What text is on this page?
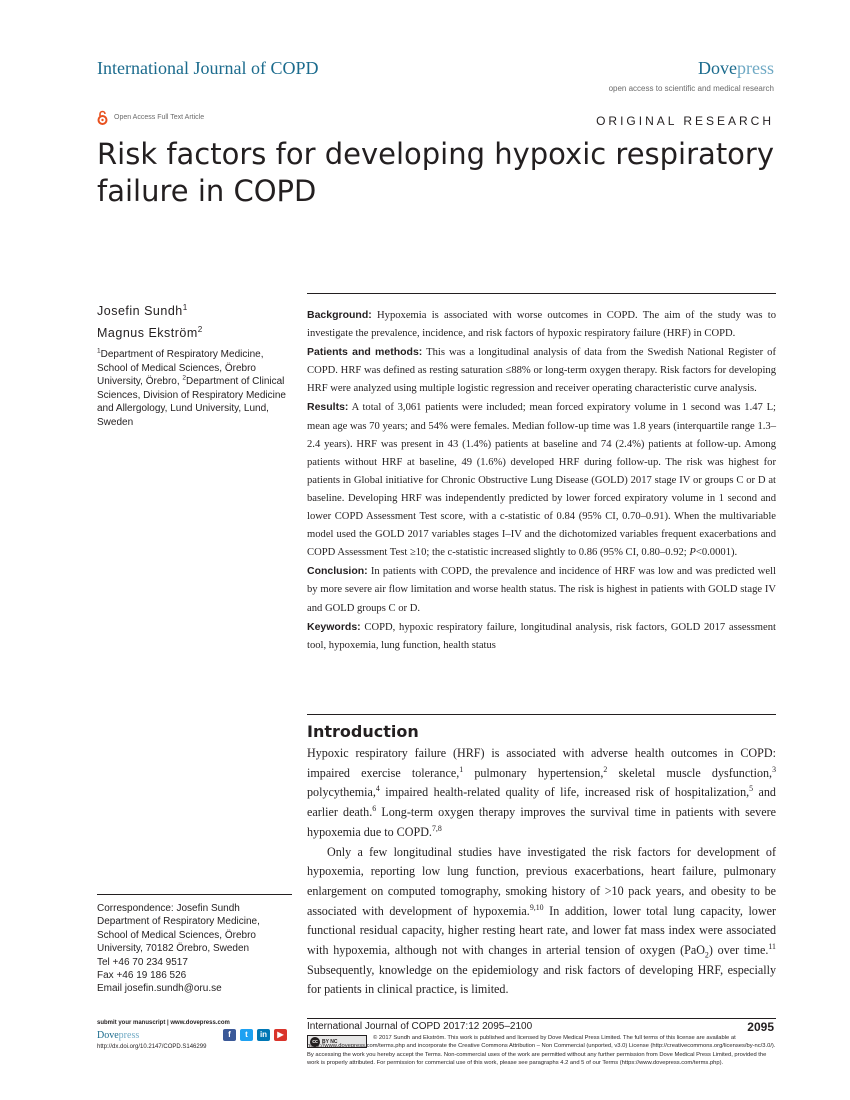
International Journal of COPD	Dovepress
open access to scientific and medical research
Open Access Full Text Article	ORIGINAL RESEARCH
Risk factors for developing hypoxic respiratory failure in COPD
Josefin Sundh$^1$
Magnus Ekström$^2$

$^1$Department of Respiratory Medicine, School of Medical Sciences, Örebro University, Örebro, $^2$Department of Clinical Sciences, Division of Respiratory Medicine and Allergology, Lund University, Lund, Sweden

Correspondence: Josefin Sundh

Department of Respiratory Medicine,

School of Medical Sciences, Örebro

University, 70182 Örebro, Sweden

Tel +46 70 234 9517

Fax +46 19 186 526

Email josefin.sundh@oru.se

Background: Hypoxemia is associated with worse outcomes in COPD. The aim of the study was to investigate the prevalence, incidence, and risk factors of hypoxic respiratory failure (HRF) in COPD.

Patients and methods: This was a longitudinal analysis of data from the Swedish National Register of COPD. HRF was defined as resting saturation ≤88% or long-term oxygen therapy. Risk factors for developing HRF were analyzed using multiple logistic regression and receiver operating characteristic curve analysis.

Results: A total of 3,061 patients were included; mean forced expiratory volume in 1 second was 1.47 L; mean age was 70 years; and 54% were females. Median follow-up time was 1.8 years (interquartile range 1.3–2.4 years). HRF was present in 43 (1.4%) patients at baseline and 74 (2.4%) patients at follow-up. Among patients without HRF at baseline, 49 (1.6%) developed HRF during follow-up. The risk was highest for patients in Global initiative for Chronic Obstructive Lung Disease (GOLD) 2017 stage IV or groups C or D at baseline. Developing HRF was independently predicted by lower forced expiratory volume in 1 second and lower COPD Assessment Test score, with a c-statistic of 0.84 (95% CI, 0.70–0.91). When the multivariable model used the GOLD 2017 variables stages I–IV and the dichotomized variables frequent exacerbations and COPD Assessment Test ≥10; the c-statistic increased slightly to 0.86 (95% CI, 0.80–0.92; P<0.0001).

Conclusion: In patients with COPD, the prevalence and incidence of HRF was low and was predicted well by more severe air flow limitation and worse health status. The risk is highest in patients with GOLD stage IV and GOLD groups C or D.

Keywords: COPD, hypoxic respiratory failure, longitudinal analysis, risk factors, GOLD 2017 assessment tool, hypoxemia, lung function, health status

Introduction

Hypoxic respiratory failure (HRF) is associated with adverse health outcomes in COPD: impaired exercise tolerance,$^1$ pulmonary hypertension,$^2$ skeletal muscle dysfunction,$^3$ polycythemia,$^4$ impaired health-related quality of life, increased risk of hospitalization,$^5$ and earlier death.$^6$ Long-term oxygen therapy improves the survival time in patients with severe hypoxemia due to COPD.$^{7,8}$

Only a few longitudinal studies have investigated the risk factors for development of hypoxemia, reporting low lung function, previous exacerbations, heart failure, pulmonary enlargement on computed tomography, smoking history of >10 pack years, and obesity to be associated with development of hypoxemia.$^{9,10}$ In addition, lower total lung capacity, lower functional residual capacity, higher resting heart rate, and lower fat mass index were associated with hypoxemia, although not with changes in arterial tension of oxygen (PaO$_2$) over time.$^{11}$ Subsequently, knowledge on the epidemiology and risk factors of developing HRF, especially for patients in clinical practice, is limited.

submit your manuscript | www.dovepress.com
Dovepress	f	t	in	▶
http://dx.doi.org/10.2147/COPD.S146299
International Journal of COPD 2017:12 2095–2100	2095
cc BY NC
© 2017 Sundh and Ekström. This work is published and licensed by Dove Medical Press Limited. The full terms of this license are available at https://www.dovepress.com/terms.php and incorporate the Creative Commons Attribution – Non Commercial (unported, v3.0) License (http://creativecommons.org/licenses/by-nc/3.0/). By accessing the work you hereby accept the Terms. Non-commercial uses of the work are permitted without any further permission from Dove Medical Press Limited, provided the work is properly attributed. For permission for commercial use of this work, please see paragraphs 4.2 and 5 of our Terms (https://www.dovepress.com/terms.php).
